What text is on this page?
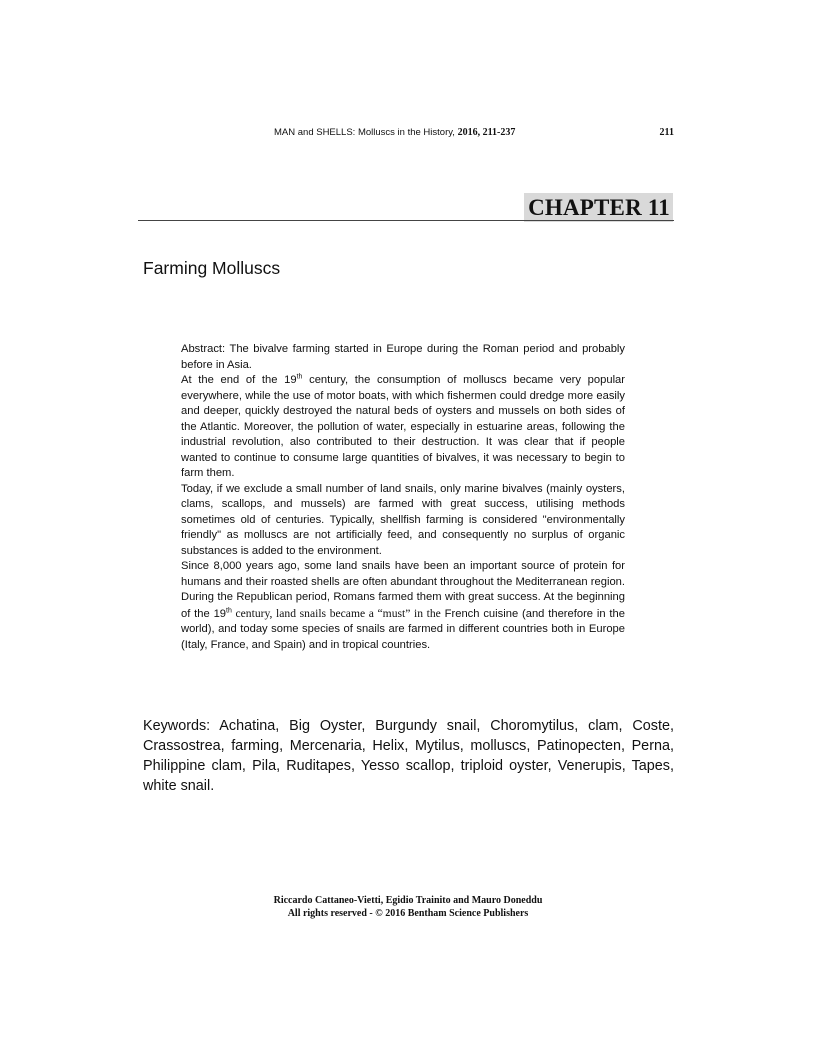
MAN and SHELLS: Molluscs in the History, 2016, 211-237	211
CHAPTER 11
Farming Molluscs

Abstract: The bivalve farming started in Europe during the Roman period and probably before in Asia.

At the end of the 19th century, the consumption of molluscs became very popular everywhere, while the use of motor boats, with which fishermen could dredge more easily and deeper, quickly destroyed the natural beds of oysters and mussels on both sides of the Atlantic. Moreover, the pollution of water, especially in estuarine areas, following the industrial revolution, also contributed to their destruction. It was clear that if people wanted to continue to consume large quantities of bivalves, it was necessary to begin to farm them.

Today, if we exclude a small number of land snails, only marine bivalves (mainly oysters, clams, scallops, and mussels) are farmed with great success, utilising methods sometimes old of centuries. Typically, shellfish farming is considered "environmentally friendly" as molluscs are not artificially feed, and consequently no surplus of organic substances is added to the environment.

Since 8,000 years ago, some land snails have been an important source of protein for humans and their roasted shells are often abundant throughout the Mediterranean region. During the Republican period, Romans farmed them with great success. At the beginning of the 19th century, land snails became a “must” in the French cuisine (and therefore in the world), and today some species of snails are farmed in different countries both in Europe (Italy, France, and Spain) and in tropical countries.

Keywords: Achatina, Big Oyster, Burgundy snail, Choromytilus, clam, Coste, Crassostrea, farming, Mercenaria, Helix, Mytilus, molluscs, Patinopecten, Perna, Philippine clam, Pila, Ruditapes, Yesso scallop, triploid oyster, Venerupis, Tapes, white snail.
Riccardo Cattaneo-Vietti, Egidio Trainito and Mauro Doneddu
All rights reserved - © 2016 Bentham Science Publishers
